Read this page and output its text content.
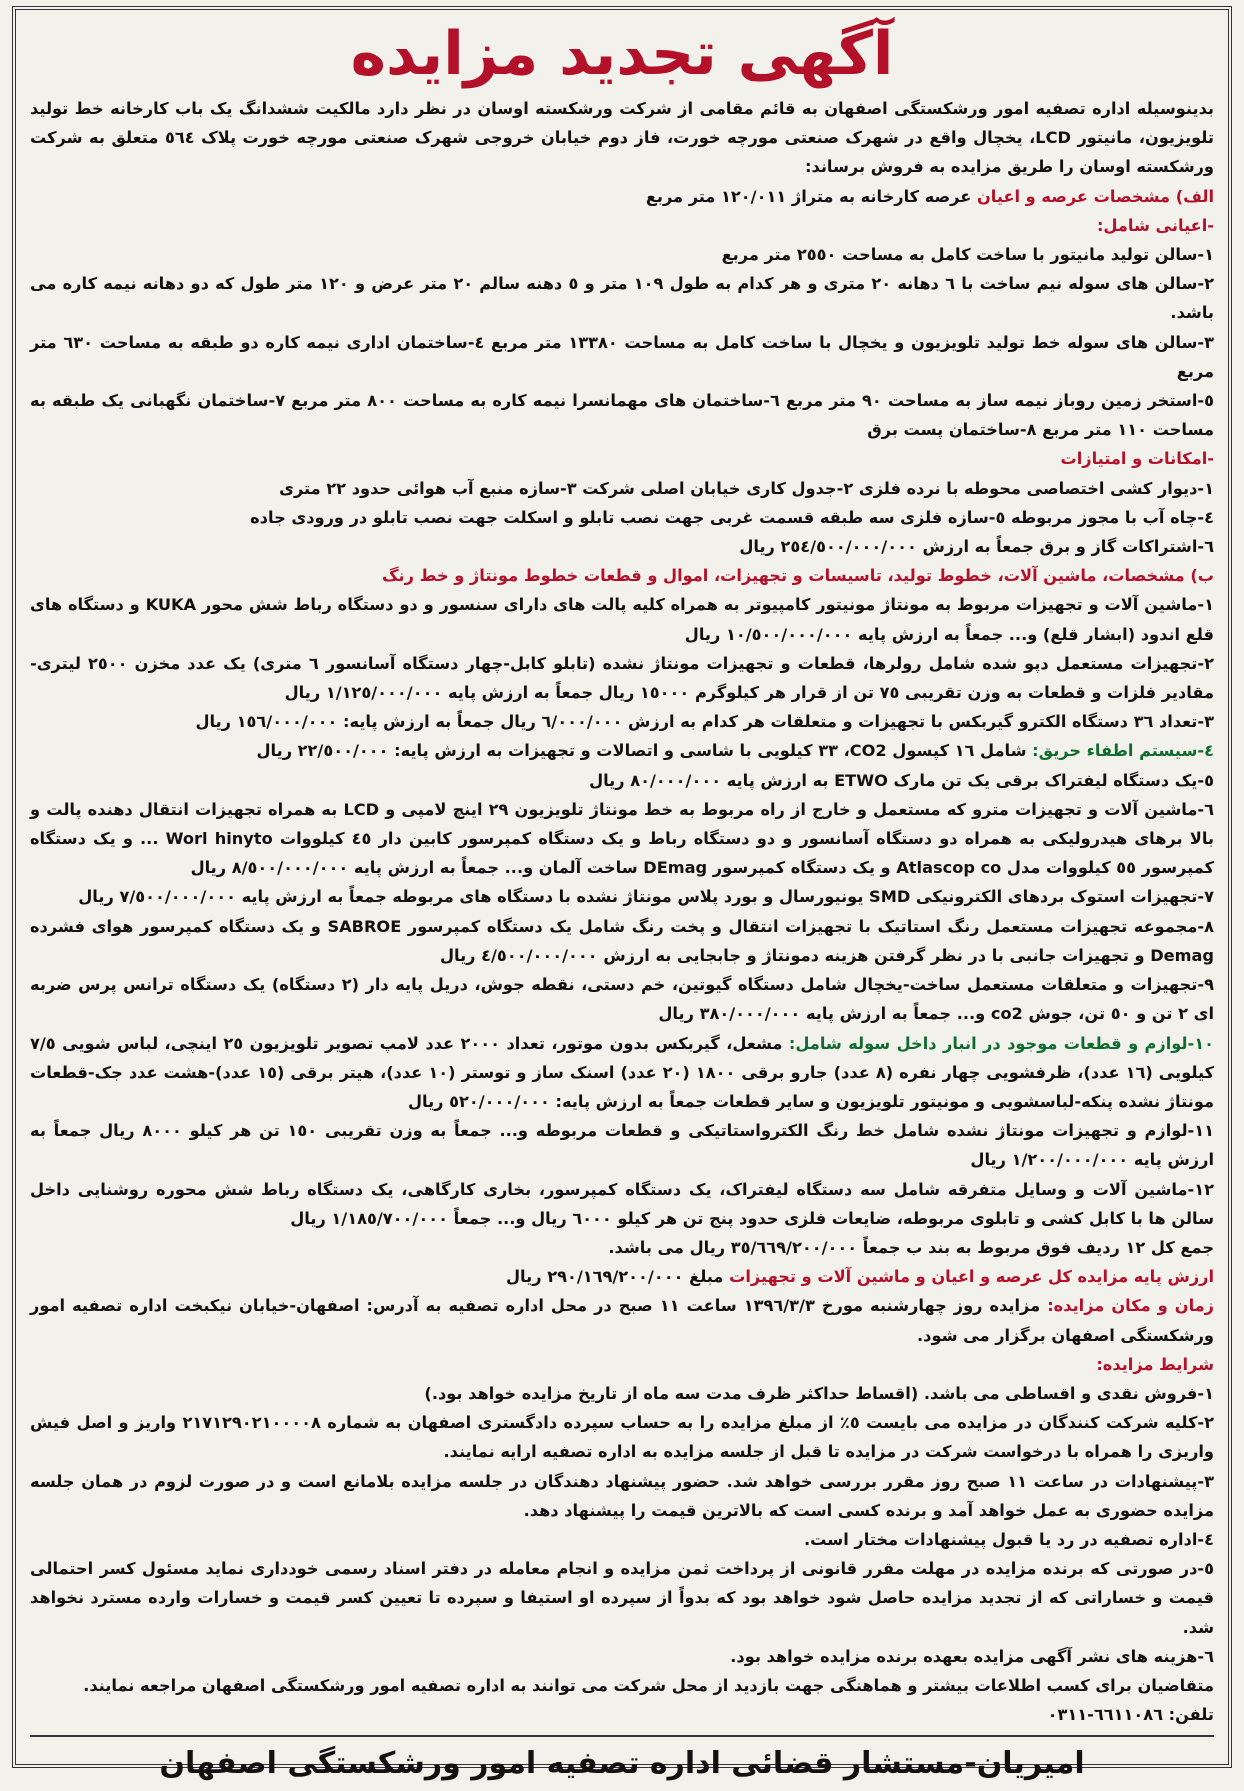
آگهی تجدید مزایده

بدینوسیله اداره تصفیه امور ورشکستگی اصفهان به قائم مقامی از شرکت ورشکسته اوسان در نظر دارد مالکیت ششدانگ یک باب کارخانه خط تولید تلویزیون، مانیتور LCD، یخچال واقع در شهرک صنعتی مورچه خورت، فاز دوم خیابان خروجی شهرک صنعتی مورچه خورت پلاک ٥٦٤ متعلق به شرکت ورشکسته اوسان را طریق مزایده به فروش برساند:

الف) مشخصات عرصه و اعیان عرصه کارخانه به متراژ ١٢٠/٠١١ متر مربع

-اعیانی شامل:

١-سالن تولید مانیتور با ساخت کامل به مساحت ٢٥٥٠ متر مربع

٢-سالن های سوله نیم ساخت با ٦ دهانه ٢٠ متری و هر کدام به طول ١٠٩ متر و ٥ دهنه سالم ٢٠ متر عرض و ١٢٠ متر طول که دو دهانه نیمه کاره می باشد.

٣-سالن های سوله خط تولید تلویزیون و یخچال با ساخت کامل به مساحت ١٣٣٨٠ متر مربع ٤-ساختمان اداری نیمه کاره دو طبقه به مساحت ٦٣٠ متر مربع

٥-استخر زمین روباز نیمه ساز به مساحت ٩٠ متر مربع ٦-ساختمان های مهمانسرا نیمه کاره به مساحت ٨٠٠ متر مربع ٧-ساختمان نگهبانی یک طبقه به مساحت ١١٠ متر مربع ٨-ساختمان پست برق

-امکانات و امتیازات

١-دیوار کشی اختصاصی محوطه با نرده فلزی ٢-جدول کاری خیابان اصلی شرکت ٣-سازه منبع آب هوائی حدود ٢٢ متری

٤-چاه آب با مجوز مربوطه ٥-سازه فلزی سه طبقه قسمت غربی جهت نصب تابلو و اسکلت جهت نصب تابلو در ورودی جاده

٦-اشتراکات گاز و برق جمعاً به ارزش ٢٥٤/٥٠٠/٠٠٠/٠٠٠ ریال

ب) مشخصات، ماشین آلات، خطوط تولید، تاسیسات و تجهیزات، اموال و قطعات خطوط مونتاژ و خط رنگ

١-ماشین آلات و تجهیزات مربوط به مونتاژ مونیتور کامپیوتر به همراه کلیه پالت های دارای سنسور و دو دستگاه رباط شش محور KUKA و دستگاه های قلع اندود (ابشار قلع) و... جمعاً به ارزش پایه ١٠/٥٠٠/٠٠٠/٠٠٠ ریال

٢-تجهیزات مستعمل دپو شده شامل رولرها، قطعات و تجهیزات مونتاژ نشده (تابلو کابل-چهار دستگاه آسانسور ٦ متری) یک عدد مخزن ٢٥٠٠ لیتری-مقادیر فلزات و قطعات به وزن تقریبی ٧٥ تن از قرار هر کیلوگرم ١٥٠٠٠ ریال جمعاً به ارزش پایه ١/١٢٥/٠٠٠/٠٠٠ ریال

٣-تعداد ٣٦ دستگاه الکترو گیربکس با تجهیزات و متعلقات هر کدام به ارزش ٦/٠٠٠/٠٠٠ ریال جمعاً به ارزش پایه: ١٥٦/٠٠٠/٠٠٠ ریال

٤-سیستم اطفاء حریق: شامل ١٦ کپسول CO2، ٣٣ کیلویی با شاسی و اتصالات و تجهیزات به ارزش پایه: ٢٢/٥٠٠/٠٠٠ ریال

٥-یک دستگاه لیفتراک برقی یک تن مارک ETWO به ارزش پایه ٨٠/٠٠٠/٠٠٠ ریال

٦-ماشین آلات و تجهیزات مترو که مستعمل و خارج از راه مربوط به خط مونتاژ تلویزیون ٢٩ اینچ لامپی و LCD به همراه تجهیزات انتقال دهنده پالت و بالا برهای هیدرولیکی به همراه دو دستگاه آسانسور و دو دستگاه رباط و یک دستگاه کمپرسور کابین دار ٤٥ کیلووات Worl hinyto ... و یک دستگاه کمپرسور ٥٥ کیلووات مدل Atlascop co و یک دستگاه کمپرسور DEmag ساخت آلمان و... جمعاً به ارزش پایه ٨/٥٠٠/٠٠٠/٠٠٠ ریال

٧-تجهیزات استوک بردهای الکترونیکی SMD یونیورسال و بورد پلاس مونتاژ نشده با دستگاه های مربوطه جمعاً به ارزش پایه ٧/٥٠٠/٠٠٠/٠٠٠ ریال

٨-مجموعه تجهیزات مستعمل رنگ استاتیک با تجهیزات انتقال و پخت رنگ شامل یک دستگاه کمپرسور SABROE و یک دستگاه کمپرسور هوای فشرده Demag و تجهیزات جانبی با در نظر گرفتن هزینه دمونتاژ و جابجایی به ارزش ٤/٥٠٠/٠٠٠/٠٠٠ ریال

٩-تجهیزات و متعلقات مستعمل ساخت-یخچال شامل دستگاه گیوتین، خم دستی، نقطه جوش، دریل پایه دار (٢ دستگاه) یک دستگاه ترانس پرس ضربه ای ٢ تن و ٥٠ تن، جوش co2 و... جمعاً به ارزش پایه ٣٨٠/٠٠٠/٠٠٠ ریال

١٠-لوازم و قطعات موجود در انبار داخل سوله شامل: مشعل، گیربکس بدون موتور، تعداد ٢٠٠٠ عدد لامپ تصویر تلویزیون ٢٥ اینچی، لباس شویی ٧/٥ کیلویی (١٦ عدد)، ظرفشویی چهار نفره (٨ عدد) جارو برقی ١٨٠٠ (٢٠ عدد) اسنک ساز و توستر (١٠ عدد)، هیتر برقی (١٥ عدد)-هشت عدد جک-قطعات مونتاژ نشده پنکه-لباسشویی و مونیتور تلویزیون و سایر قطعات جمعاً به ارزش پایه: ٥٢٠/٠٠٠/٠٠٠ ریال

١١-لوازم و تجهیزات مونتاژ نشده شامل خط رنگ الکترواستاتیکی و قطعات مربوطه و... جمعاً به وزن تقریبی ١٥٠ تن هر کیلو ٨٠٠٠ ریال جمعاً به ارزش پایه ١/٢٠٠/٠٠٠/٠٠٠ ریال

١٢-ماشین آلات و وسایل متفرقه شامل سه دستگاه لیفتراک، یک دستگاه کمپرسور، بخاری کارگاهی، یک دستگاه رباط شش محوره روشنایی داخل سالن ها با کابل کشی و تابلوی مربوطه، ضایعات فلزی حدود پنج تن هر کیلو ٦٠٠٠ ریال و... جمعاً ١/١٨٥/٧٠٠/٠٠٠ ریال

جمع کل ١٢ ردیف فوق مربوط به بند ب جمعاً ٣٥/٦٦٩/٢٠٠/٠٠٠ ریال می باشد.

ارزش پایه مزایده کل عرصه و اعیان و ماشین آلات و تجهیزات مبلغ ٢٩٠/١٦٩/٢٠٠/٠٠٠ ریال

زمان و مکان مزایده: مزایده روز چهارشنبه مورخ ١٣٩٦/٣/٣ ساعت ١١ صبح در محل اداره تصفیه به آدرس: اصفهان-خیابان نیکبخت اداره تصفیه امور ورشکستگی اصفهان برگزار می شود.

شرایط مزایده:

١-فروش نقدی و اقساطی می باشد. (اقساط حداکثر ظرف مدت سه ماه از تاریخ مزایده خواهد بود.)

٢-کلیه شرکت کنندگان در مزایده می بایست ٥٪ از مبلغ مزایده را به حساب سپرده دادگستری اصفهان به شماره ٢١٧١٢٩٠٢١٠٠٠٠٨ واریز و اصل فیش واریزی را همراه با درخواست شرکت در مزایده تا قبل از جلسه مزایده به اداره تصفیه ارایه نمایند.

٣-پیشنهادات در ساعت ١١ صبح روز مقرر بررسی خواهد شد. حضور پیشنهاد دهندگان در جلسه مزایده بلامانع است و در صورت لزوم در همان جلسه مزایده حضوری به عمل خواهد آمد و برنده کسی است که بالاترین قیمت را پیشنهاد دهد.

٤-اداره تصفیه در رد یا قبول پیشنهادات مختار است.

٥-در صورتی که برنده مزایده در مهلت مقرر قانونی از پرداخت ثمن مزایده و انجام معامله در دفتر اسناد رسمی خودداری نماید مسئول کسر احتمالی قیمت و خساراتی که از تجدید مزایده حاصل شود خواهد بود که بدواً از سپرده او استیفا و سپرده تا تعیین کسر قیمت و خسارات وارده مسترد نخواهد شد.

٦-هزینه های نشر آگهی مزایده بعهده برنده مزایده خواهد بود.

متقاضیان برای کسب اطلاعات بیشتر و هماهنگی جهت بازدید از محل شرکت می توانند به اداره تصفیه امور ورشکستگی اصفهان مراجعه نمایند.

تلفن: ٦٦١١٠٨٦-٠٣١١

امیریان-مستشار قضائی اداره تصفیه امور ورشکستگی اصفهان
